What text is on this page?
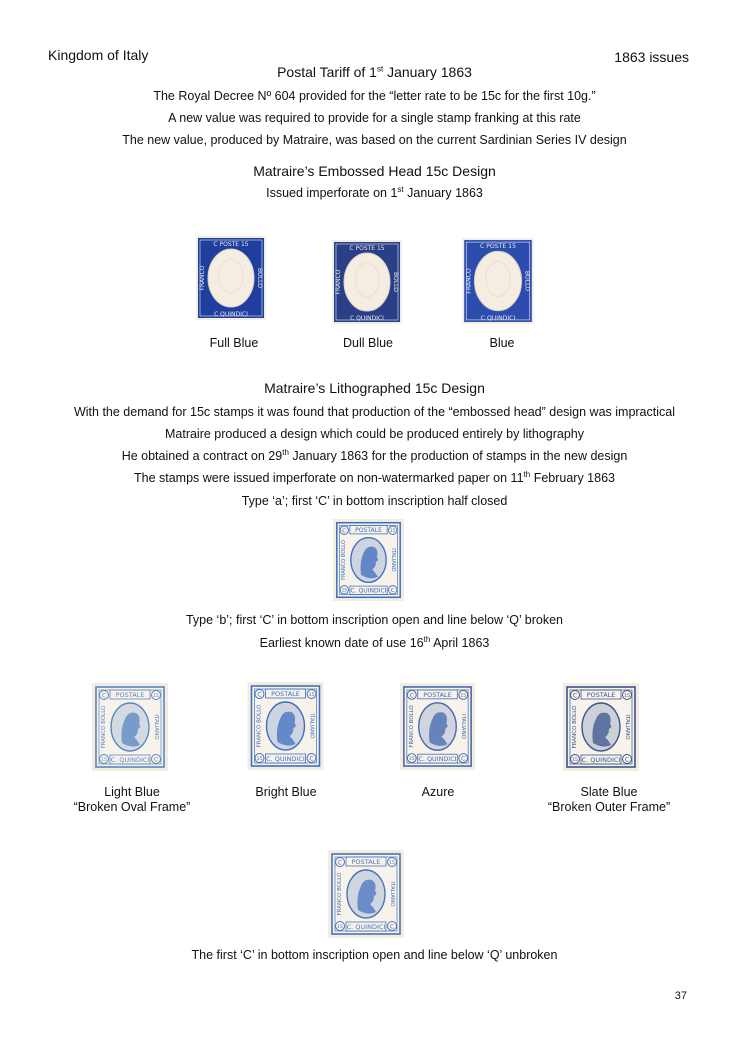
Kingdom of Italy	1863 issues
Postal Tariff of 1st January 1863
The Royal Decree Nº 604 provided for the “letter rate to be 15c for the first 10g.”
A new value was required to provide for a single stamp franking at this rate
The new value, produced by Matraire, was based on the current Sardinian Series IV design
Matraire’s Embossed Head 15c Design
Issued imperforate on 1st January 1863
C POSTE 15
C QUINDICI
FRANCO	BOLLO
C POSTE 15
C QUINDICI
FRANCO	BOLLO
C POSTE 15
C QUINDICI
FRANCO	BOLLO
Full Blue	Dull Blue	Blue
Matraire’s Lithographed 15c Design
With the demand for 15c stamps it was found that production of the “embossed head” design was impractical
Matraire produced a design which could be produced entirely by lithography
He obtained a contract on 29th January 1863 for the production of stamps in the new design
The stamps were issued imperforate on non-watermarked paper on 11th February 1863
Type ‘a’; first ‘C’ in bottom inscription half closed
POSTALE
C. QUINDICI
C	15
15	C
FRANCO BOLLO	ITALIANO
Type ‘b’; first ‘C’ in bottom inscription open and line below ‘Q’ broken
Earliest known date of use 16th April 1863
POSTALE
C. QUINDICI
C	15
15	C
FRANCO BOLLO	ITALIANO
POSTALE
C. QUINDICI
C	15
15	C
FRANCO BOLLO	ITALIANO
POSTALE
C. QUINDICI
C	15
15	C
FRANCO BOLLO	ITALIANO
POSTALE
C. QUINDICI
C	15
15	C
FRANCO BOLLO	ITALIANO
Light Blue
“Broken Oval Frame”
Bright Blue	Azure	Slate Blue
“Broken Outer Frame”
POSTALE
C. QUINDICI
C	15
15	C
FRANCO BOLLO	ITALIANO
The first ‘C’ in bottom inscription open and line below ‘Q’ unbroken
37
